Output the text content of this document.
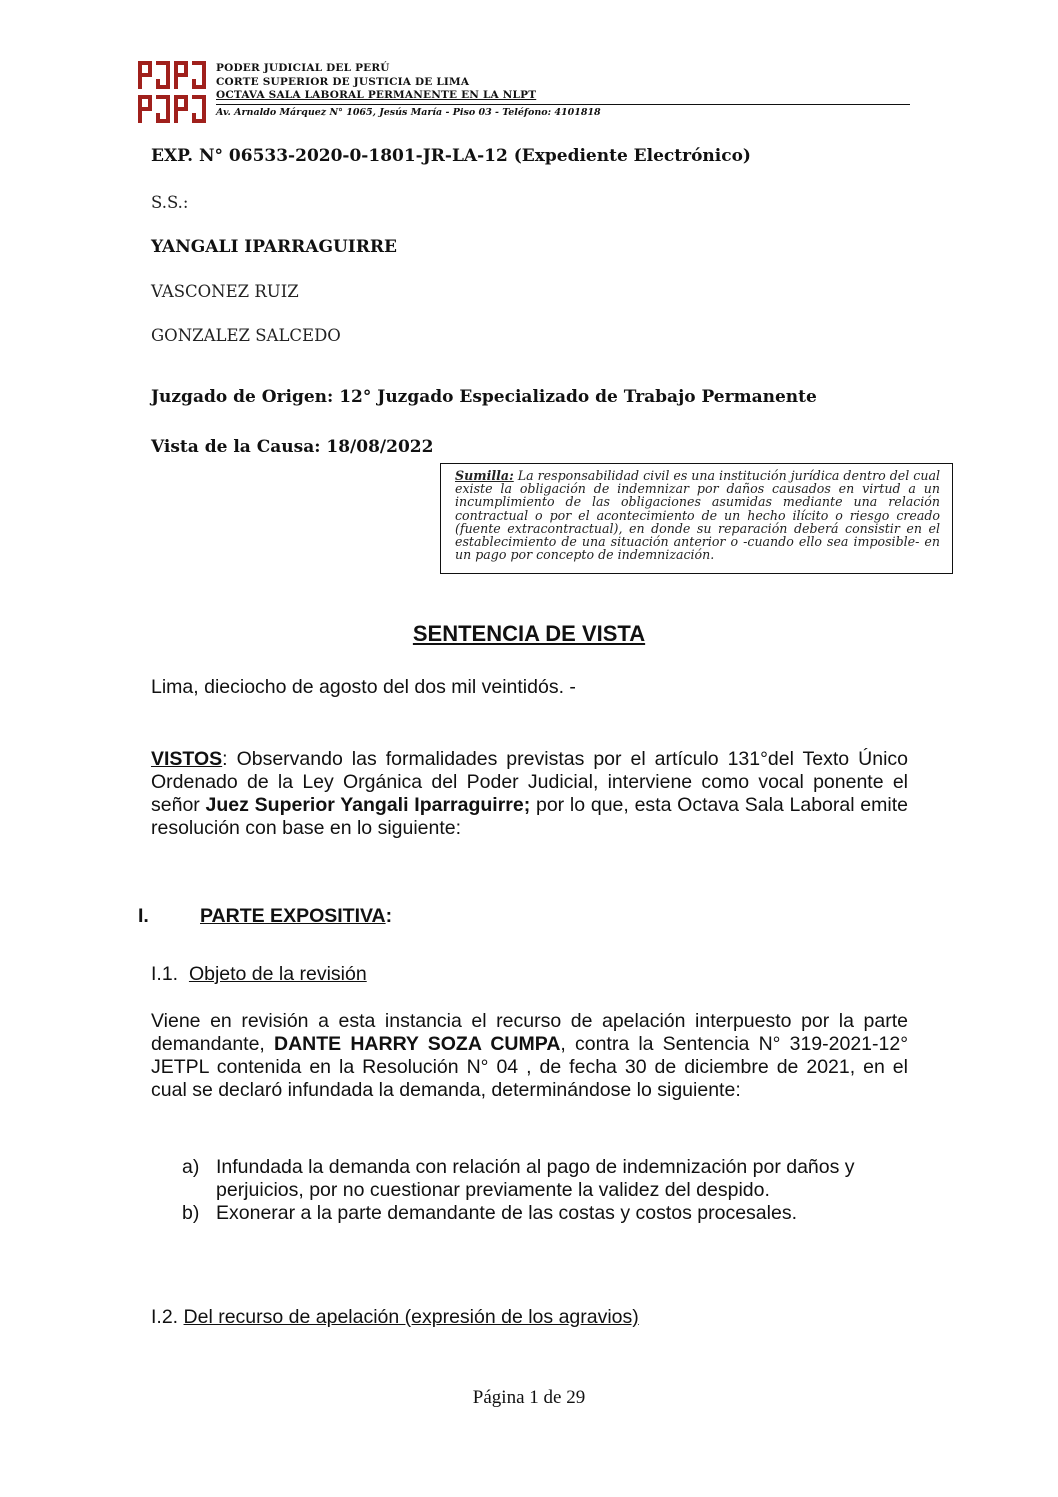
PODER JUDICIAL DEL PERÚ
CORTE SUPERIOR DE JUSTICIA DE LIMA
OCTAVA SALA LABORAL PERMANENTE EN LA NLPT
Av. Arnaldo Márquez N° 1065, Jesús María - Piso 03 - Teléfono: 4101818
EXP. N° 06533-2020-0-1801-JR-LA-12 (Expediente Electrónico)
S.S.:
YANGALI IPARRAGUIRRE
VASCONEZ RUIZ
GONZALEZ SALCEDO
Juzgado de Origen: 12° Juzgado Especializado de Trabajo Permanente
Vista de la Causa: 18/08/2022
Sumilla: La responsabilidad civil es una institución jurídica dentro del cual existe la obligación de indemnizar por daños causados en virtud a un incumplimiento de las obligaciones asumidas mediante una relación contractual o por el acontecimiento de un hecho ilícito o riesgo creado (fuente extracontractual), en donde su reparación deberá consistir en el establecimiento de una situación anterior o -cuando ello sea imposible- en un pago por concepto de indemnización.
SENTENCIA DE VISTA
Lima, dieciocho de agosto del dos mil veintidós. -
VISTOS: Observando las formalidades previstas por el artículo 131°del Texto Único Ordenado de la Ley Orgánica del Poder Judicial, interviene como vocal ponente el señor Juez Superior Yangali Iparraguirre; por lo que, esta Octava Sala Laboral emite resolución con base en lo siguiente:
I.	PARTE EXPOSITIVA:
I.1.  Objeto de la revisión
Viene en revisión a esta instancia el recurso de apelación interpuesto por la parte demandante, DANTE HARRY SOZA CUMPA, contra la Sentencia N° 319-2021-12° JETPL contenida en la Resolución N° 04 , de fecha 30 de diciembre de 2021, en el cual se declaró infundada la demanda, determinándose lo siguiente:
a) Infundada la demanda con relación al pago de indemnización por daños y perjuicios, por no cuestionar previamente la validez del despido.
b) Exonerar a la parte demandante de las costas y costos procesales.
I.2. Del recurso de apelación (expresión de los agravios)
Página 1 de 29
